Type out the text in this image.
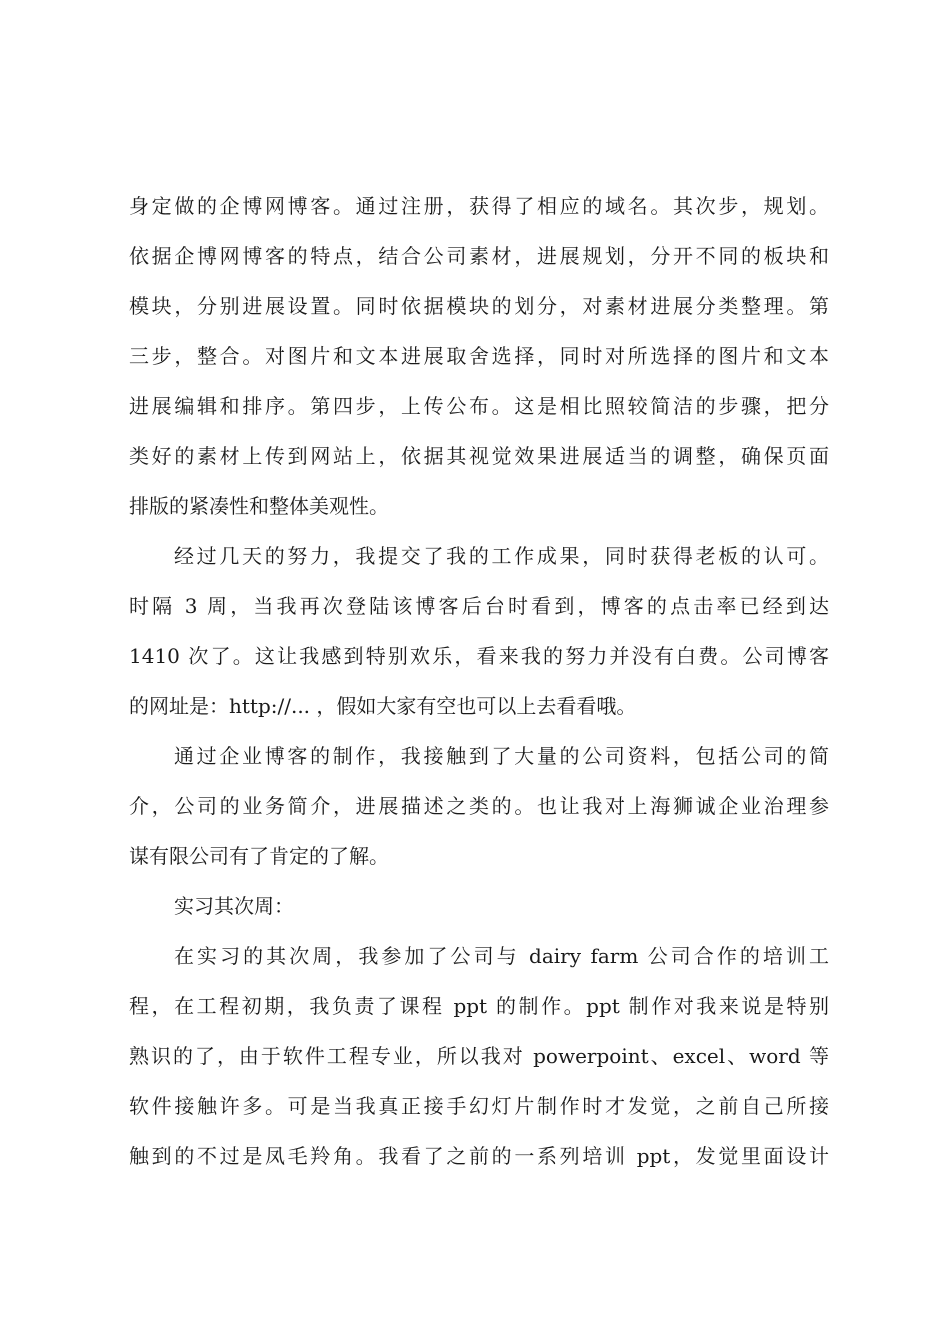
身定做的企博网博客。通过注册，获得了相应的域名。其次步，规划。
依据企博网博客的特点，结合公司素材，进展规划，分开不同的板块和
模块，分别进展设置。同时依据模块的划分，对素材进展分类整理。第
三步，整合。对图片和文本进展取舍选择，同时对所选择的图片和文本
进展编辑和排序。第四步，上传公布。这是相比照较简洁的步骤，把分
类好的素材上传到网站上，依据其视觉效果进展适当的调整，确保页面
排版的紧凑性和整体美观性。
经过几天的努力，我提交了我的工作成果，同时获得老板的认可。
时隔 3 周，当我再次登陆该博客后台时看到，博客的点击率已经到达
1410 次了。这让我感到特别欢乐，看来我的努力并没有白费。公司博客
的网址是：http://... ，假如大家有空也可以上去看看哦。
通过企业博客的制作，我接触到了大量的公司资料，包括公司的简
介，公司的业务简介，进展描述之类的。也让我对上海狮诚企业治理参
谋有限公司有了肯定的了解。
实习其次周：
在实习的其次周，我参加了公司与 dairy farm 公司合作的培训工
程，在工程初期，我负责了课程 ppt 的制作。ppt 制作对我来说是特别
熟识的了，由于软件工程专业，所以我对 powerpoint、excel、word 等
软件接触许多。可是当我真正接手幻灯片制作时才发觉，之前自己所接
触到的不过是凤毛羚角。我看了之前的一系列培训 ppt，发觉里面设计
